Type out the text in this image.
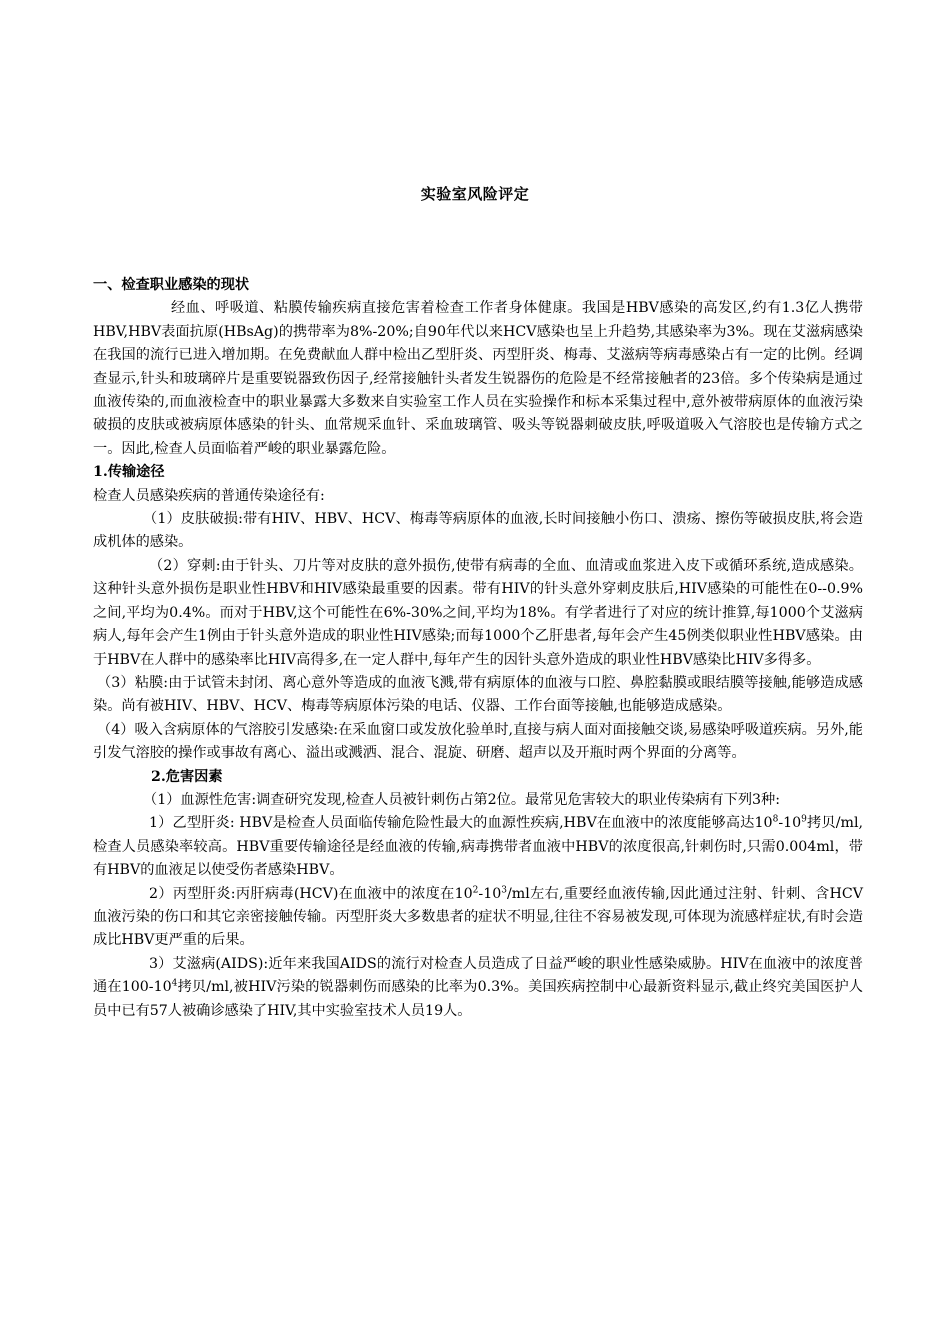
实验室风险评定

一、检查职业感染的现状

经血、呼吸道、粘膜传输疾病直接危害着检查工作者身体健康。我国是HBV感染的高发区,约有1.3亿人携带HBV,HBV表面抗原(HBsAg)的携带率为8%-20%;自90年代以来HCV感染也呈上升趋势,其感染率为3%。现在艾滋病感染在我国的流行已进入增加期。在免费献血人群中检出乙型肝炎、丙型肝炎、梅毒、艾滋病等病毒感染占有一定的比例。经调查显示,针头和玻璃碎片是重要锐器致伤因子,经常接触针头者发生锐器伤的危险是不经常接触者的23倍。多个传染病是通过血液传染的,而血液检查中的职业暴露大多数来自实验室工作人员在实验操作和标本采集过程中,意外被带病原体的血液污染破损的皮肤或被病原体感染的针头、血常规采血针、采血玻璃管、吸头等锐器刺破皮肤,呼吸道吸入气溶胶也是传输方式之一。因此,检查人员面临着严峻的职业暴露危险。

1.传输途径

检查人员感染疾病的普通传染途径有:

（1）皮肤破损:带有HIV、HBV、HCV、梅毒等病原体的血液,长时间接触小伤口、溃疡、擦伤等破损皮肤,将会造成机体的感染。

（2）穿刺:由于针头、刀片等对皮肤的意外损伤,使带有病毒的全血、血清或血浆进入皮下或循环系统,造成感染。这种针头意外损伤是职业性HBV和HIV感染最重要的因素。带有HIV的针头意外穿刺皮肤后,HIV感染的可能性在0--0.9%之间,平均为0.4%。而对于HBV,这个可能性在6%-30%之间,平均为18%。有学者进行了对应的统计推算,每1000个艾滋病病人,每年会产生1例由于针头意外造成的职业性HIV感染;而每1000个乙肝患者,每年会产生45例类似职业性HBV感染。由于HBV在人群中的感染率比HIV高得多,在一定人群中,每年产生的因针头意外造成的职业性HBV感染比HIV多得多。

（3）粘膜:由于试管未封闭、离心意外等造成的血液飞溅,带有病原体的血液与口腔、鼻腔黏膜或眼结膜等接触,能够造成感染。尚有被HIV、HBV、HCV、梅毒等病原体污染的电话、仪器、工作台面等接触,也能够造成感染。

（4）吸入含病原体的气溶胶引发感染:在采血窗口或发放化验单时,直接与病人面对面接触交谈,易感染呼吸道疾病。另外,能引发气溶胶的操作或事故有离心、溢出或溅洒、混合、混旋、研磨、超声以及开瓶时两个界面的分离等。

2.危害因素

（1）血源性危害:调查研究发现,检查人员被针刺伤占第2位。最常见危害较大的职业传染病有下列3种:

1）乙型肝炎: HBV是检查人员面临传输危险性最大的血源性疾病,HBV在血液中的浓度能够高达$10^8-10^9$拷贝/ml,检查人员感染率较高。HBV重要传输途径是经血液的传输,病毒携带者血液中HBV的浓度很高,针刺伤时,只需0.004ml，带有HBV的血液足以使受伤者感染HBV。

2）丙型肝炎:丙肝病毒(HCV)在血液中的浓度在$10^2-10^3/ml$左右,重要经血液传输,因此通过注射、针刺、含HCV血液污染的伤口和其它亲密接触传输。丙型肝炎大多数患者的症状不明显,往往不容易被发现,可体现为流感样症状,有时会造成比HBV更严重的后果。

3）艾滋病(AIDS):近年来我国AIDS的流行对检查人员造成了日益严峻的职业性感染威胁。HIV在血液中的浓度普通在$100-10^4$拷贝/ml,被HIV污染的锐器刺伤而感染的比率为0.3%。美国疾病控制中心最新资料显示,截止终究美国医护人员中已有57人被确诊感染了HIV,其中实验室技术人员19人。
